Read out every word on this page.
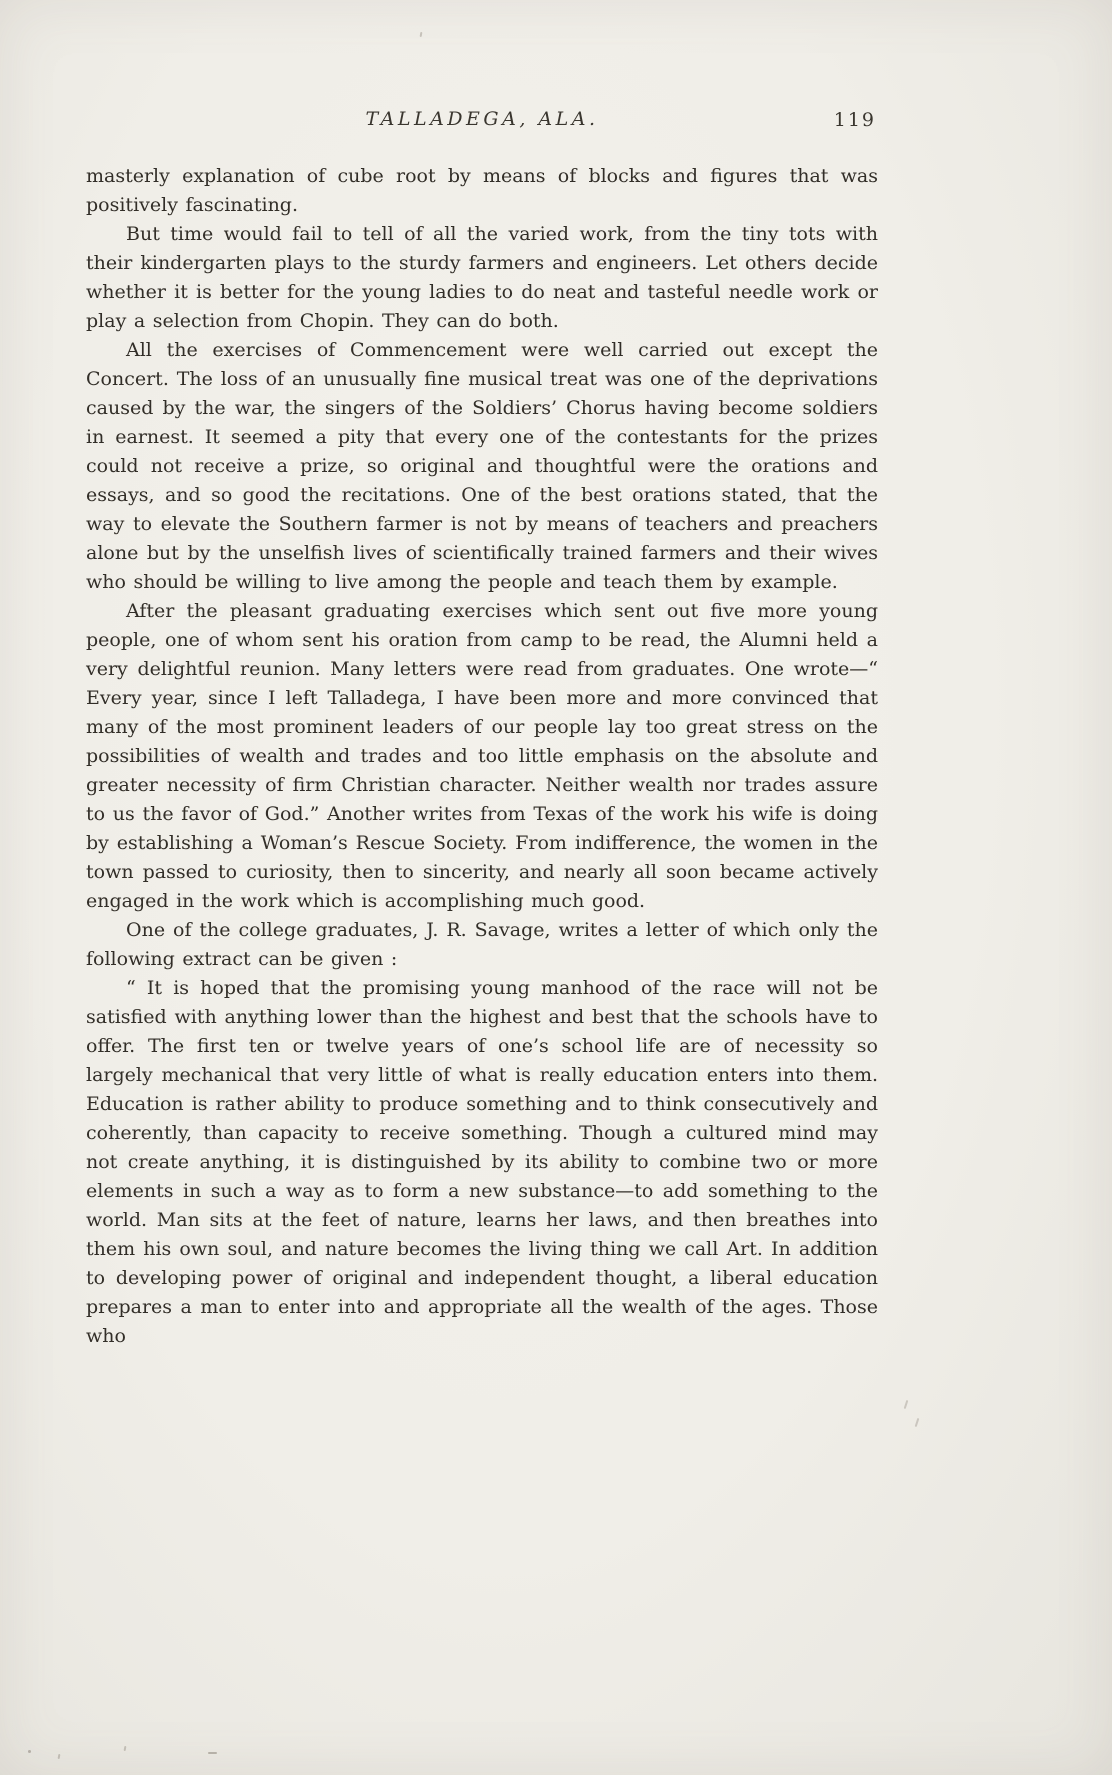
TALLADEGA, ALA.	119

masterly explanation of cube root by means of blocks and figures that was positively fascinating.

But time would fail to tell of all the varied work, from the tiny tots with their kindergarten plays to the sturdy farmers and engineers. Let others decide whether it is better for the young ladies to do neat and tasteful needle work or play a selection from Chopin. They can do both.

All the exercises of Commencement were well carried out except the Concert. The loss of an unusually fine musical treat was one of the deprivations caused by the war, the singers of the Soldiers’ Chorus having become soldiers in earnest. It seemed a pity that every one of the contestants for the prizes could not receive a prize, so original and thoughtful were the orations and essays, and so good the recitations. One of the best orations stated, that the way to elevate the Southern farmer is not by means of teachers and preachers alone but by the unselfish lives of scientifically trained farmers and their wives who should be willing to live among the people and teach them by example.

After the pleasant graduating exercises which sent out five more young people, one of whom sent his oration from camp to be read, the Alumni held a very delightful reunion. Many letters were read from graduates. One wrote—“ Every year, since I left Talladega, I have been more and more convinced that many of the most prominent leaders of our people lay too great stress on the possibilities of wealth and trades and too little emphasis on the absolute and greater necessity of firm Christian character. Neither wealth nor trades assure to us the favor of God.” Another writes from Texas of the work his wife is doing by establishing a Woman’s Rescue Society. From indifference, the women in the town passed to curiosity, then to sincerity, and nearly all soon became actively engaged in the work which is accomplishing much good.

One of the college graduates, J. R. Savage, writes a letter of which only the following extract can be given :

“ It is hoped that the promising young manhood of the race will not be satisfied with anything lower than the highest and best that the schools have to offer. The first ten or twelve years of one’s school life are of necessity so largely mechanical that very little of what is really education enters into them. Education is rather ability to produce something and to think consecutively and coherently, than capacity to receive something. Though a cultured mind may not create anything, it is distinguished by its ability to combine two or more elements in such a way as to form a new substance—to add something to the world. Man sits at the feet of nature, learns her laws, and then breathes into them his own soul, and nature becomes the living thing we call Art. In addition to developing power of original and independent thought, a liberal education prepares a man to enter into and appropriate all the wealth of the ages. Those who
